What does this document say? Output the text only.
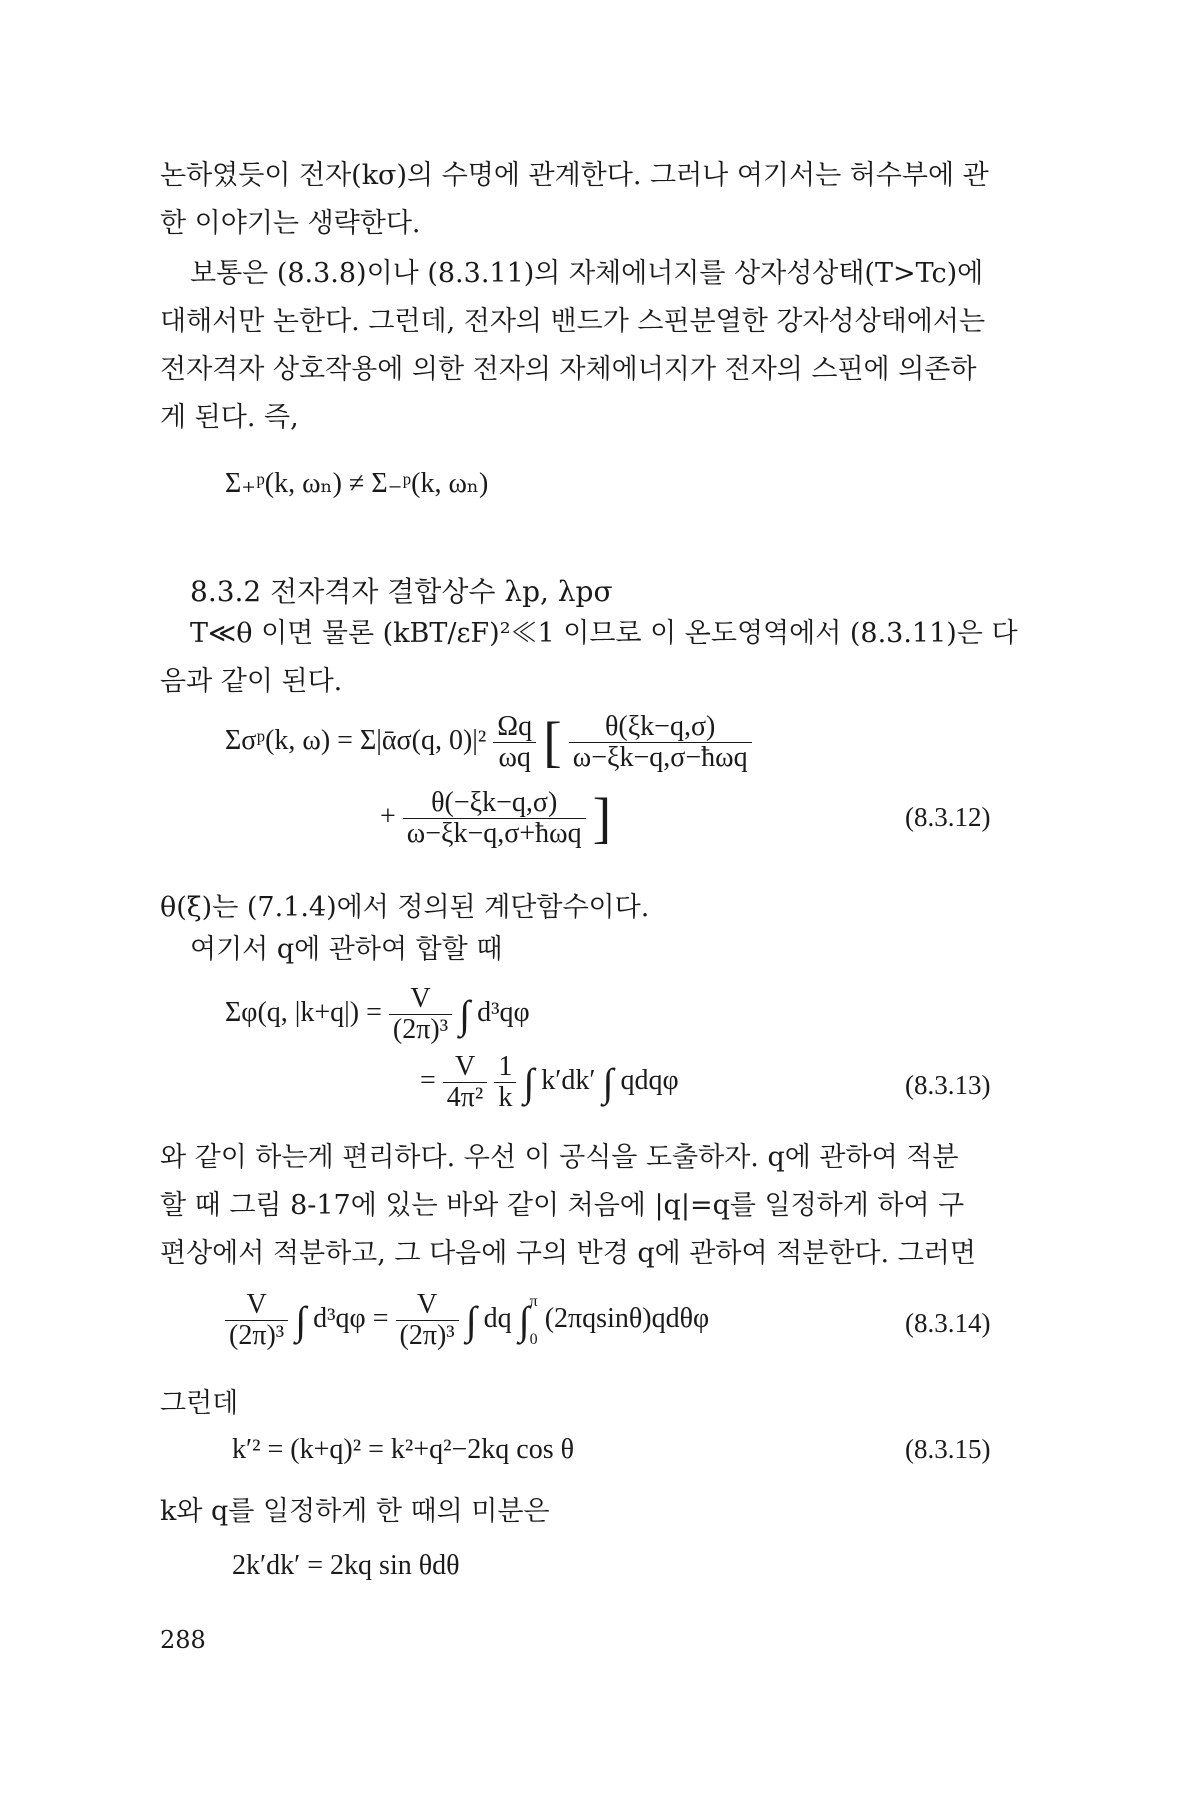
논하였듯이 전자(kσ)의 수명에 관계한다. 그러나 여기서는 허수부에 관
한 이야기는 생략한다.
보통은 (8.3.8)이나 (8.3.11)의 자체에너지를 상자성상태(T>Tc)에
대해서만 논한다. 그런데, 전자의 밴드가 스핀분열한 강자성상태에서는
전자격자 상호작용에 의한 전자의 자체에너지가 전자의 스핀에 의존하
게 된다. 즉,
Σ₊ᵖ(k, ωₙ) ≠ Σ₋ᵖ(k, ωₙ)
8.3.2 전자격자 결합상수 λp, λpσ
T≪θ 이면 물론 (kBT/εF)²≪1 이므로 이 온도영역에서 (8.3.11)은 다
음과 같이 된다.
Σσᵖ(k, ω) = Σ|ᾱσ(q, $0)|^2 \frac{\Omega q}{\omega q}$ [ $\frac{\theta(\xi k-q,\sigma)}{\text{ω−ξk−q,σ−ħωq}}$
+ $\frac{\theta(-\xi k-q,\sigma)}{\text{ω−ξk−q,σ+ħωq}}$ ]	(8.3.12)
θ(ξ)는 (7.1.4)에서 정의된 계단함수이다.
여기서 q에 관하여 합할 때
Σφ(q, $|k+q|) = \frac{V}{\text{(2π)³}}$ ∫ d³qφ
= $\frac{V}{\text{4π²}}$
$\frac{1}{k}$ ∫ k′dk′ ∫ qdqφ	(8.3.13)
와 같이 하는게 편리하다. 우선 이 공식을 도출하자. q에 관하여 적분
할 때 그림 8-17에 있는 바와 같이 처음에 |q|=q를 일정하게 하여 구
편상에서 적분하고, 그 다음에 구의 반경 q에 관하여 적분한다. 그러면
$\frac{V}{\text{(2π)³}}$ ∫ $d^3q\varphi = \frac{V}{\text{(2π)³}}$ ∫ dq ∫ π
0
(2πqsinθ)qdθφ	(8.3.14)
그런데
k′² = (k+q)² = k²+q²−2kq cos θ	(8.3.15)
k와 q를 일정하게 한 때의 미분은
2k′dk′ = 2kq sin θdθ
288
